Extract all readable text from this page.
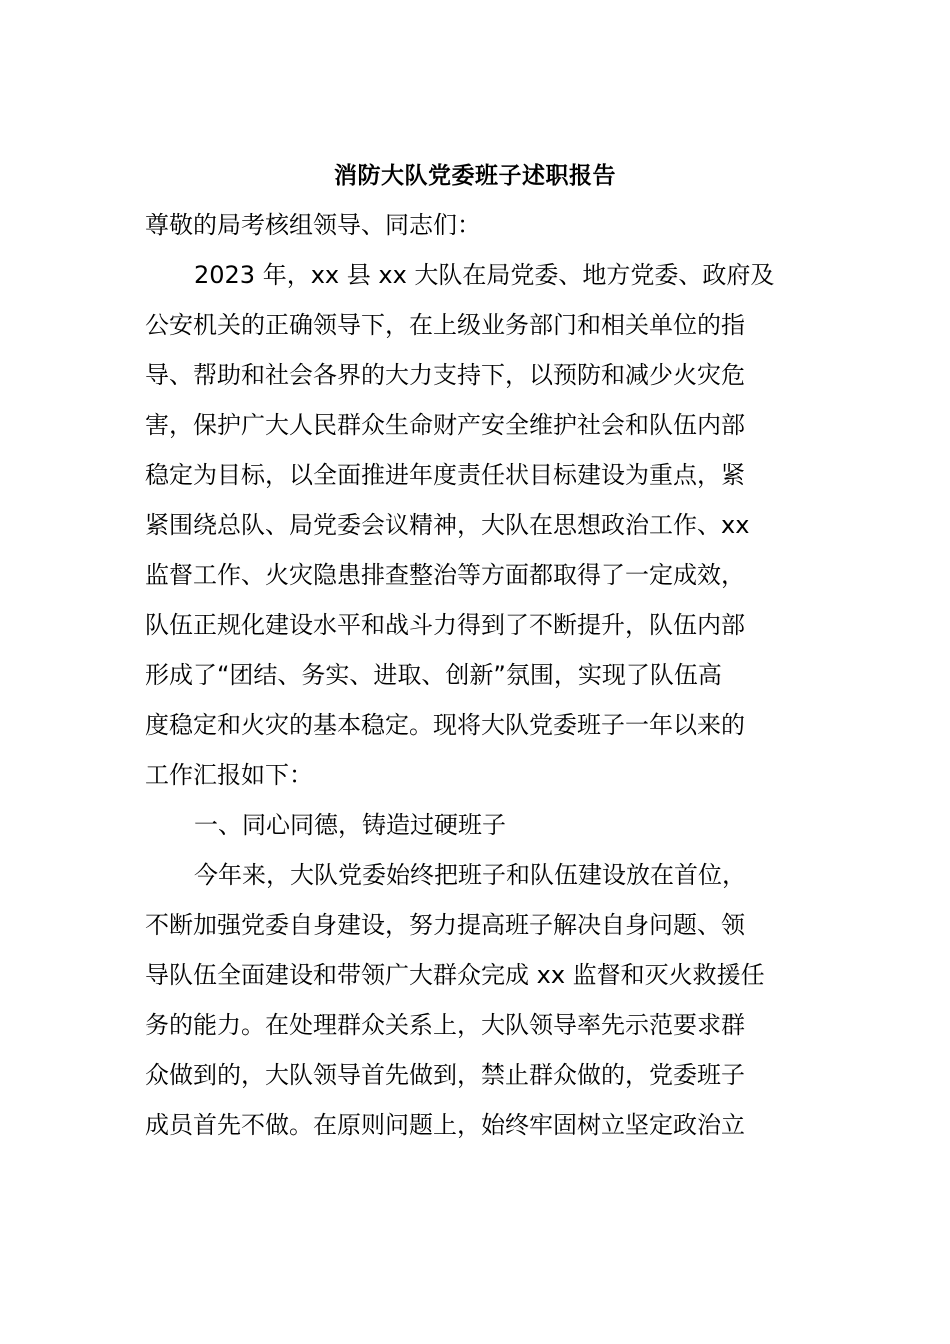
消防大队党委班子述职报告
尊敬的局考核组领导、同志们：
2023 年，xx 县 xx 大队在局党委、地方党委、政府及
公安机关的正确领导下，在上级业务部门和相关单位的指
导、帮助和社会各界的大力支持下，以预防和减少火灾危
害，保护广大人民群众生命财产安全维护社会和队伍内部
稳定为目标，以全面推进年度责任状目标建设为重点，紧
紧围绕总队、局党委会议精神，大队在思想政治工作、xx
监督工作、火灾隐患排查整治等方面都取得了一定成效，
队伍正规化建设水平和战斗力得到了不断提升，队伍内部
形成了“团结、务实、进取、创新”氛围，实现了队伍高
度稳定和火灾的基本稳定。现将大队党委班子一年以来的
工作汇报如下：
一、同心同德，铸造过硬班子
今年来，大队党委始终把班子和队伍建设放在首位，
不断加强党委自身建设，努力提高班子解决自身问题、领
导队伍全面建设和带领广大群众完成 xx 监督和灭火救援任
务的能力。在处理群众关系上，大队领导率先示范要求群
众做到的，大队领导首先做到，禁止群众做的，党委班子
成员首先不做。在原则问题上，始终牢固树立坚定政治立
